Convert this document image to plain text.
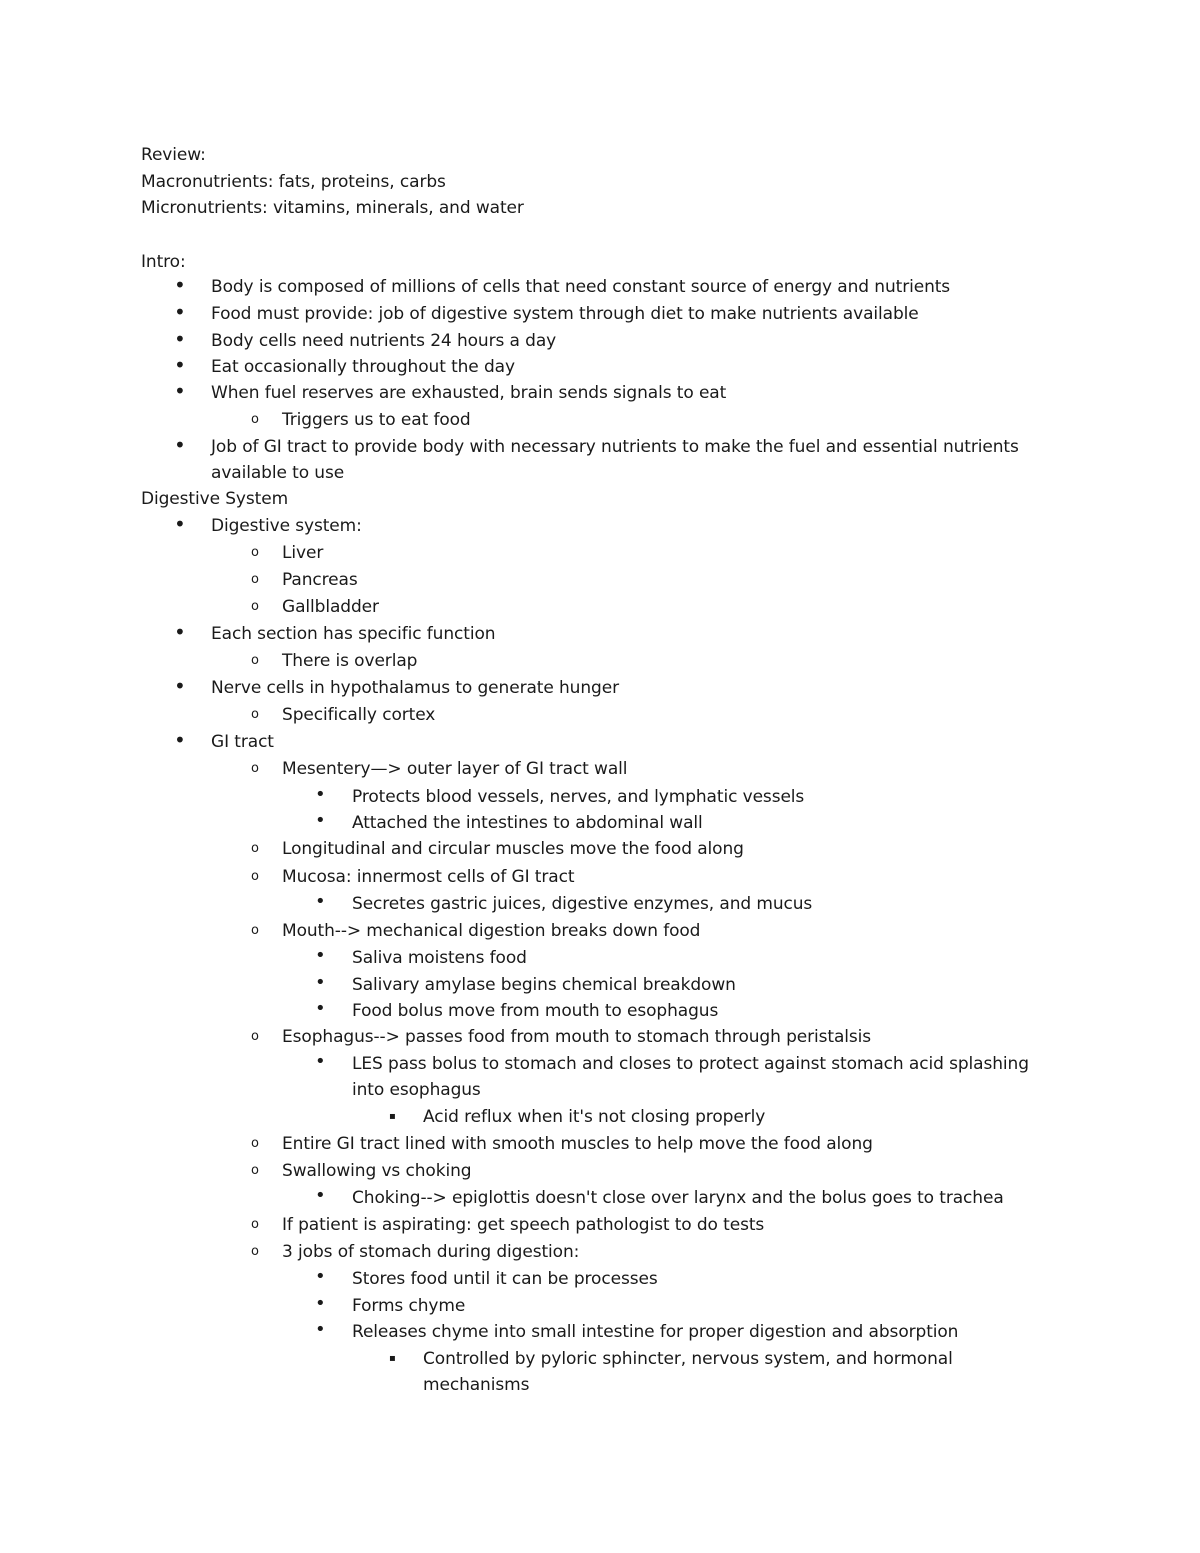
Review:
Macronutrients: fats, proteins, carbs
Micronutrients: vitamins, minerals, and water
Intro:
• Body is composed of millions of cells that need constant source of energy and nutrients
• Food must provide: job of digestive system through diet to make nutrients available
• Body cells need nutrients 24 hours a day
• Eat occasionally throughout the day
• When fuel reserves are exhausted, brain sends signals to eat
o Triggers us to eat food
• Job of GI tract to provide body with necessary nutrients to make the fuel and essential nutrients
available to use
Digestive System
• Digestive system:
o Liver
o Pancreas
o Gallbladder
• Each section has specific function
o There is overlap
• Nerve cells in hypothalamus to generate hunger
o Specifically cortex
• GI tract
o Mesentery—> outer layer of GI tract wall
• Protects blood vessels, nerves, and lymphatic vessels
• Attached the intestines to abdominal wall
o Longitudinal and circular muscles move the food along
o Mucosa: innermost cells of GI tract
• Secretes gastric juices, digestive enzymes, and mucus
o Mouth--> mechanical digestion breaks down food
• Saliva moistens food
• Salivary amylase begins chemical breakdown
• Food bolus move from mouth to esophagus
o Esophagus--> passes food from mouth to stomach through peristalsis
• LES pass bolus to stomach and closes to protect against stomach acid splashing
into esophagus
▪ Acid reflux when it's not closing properly
o Entire GI tract lined with smooth muscles to help move the food along
o Swallowing vs choking
• Choking--> epiglottis doesn't close over larynx and the bolus goes to trachea
o If patient is aspirating: get speech pathologist to do tests
o 3 jobs of stomach during digestion:
• Stores food until it can be processes
• Forms chyme
• Releases chyme into small intestine for proper digestion and absorption
▪ Controlled by pyloric sphincter, nervous system, and hormonal
mechanisms
